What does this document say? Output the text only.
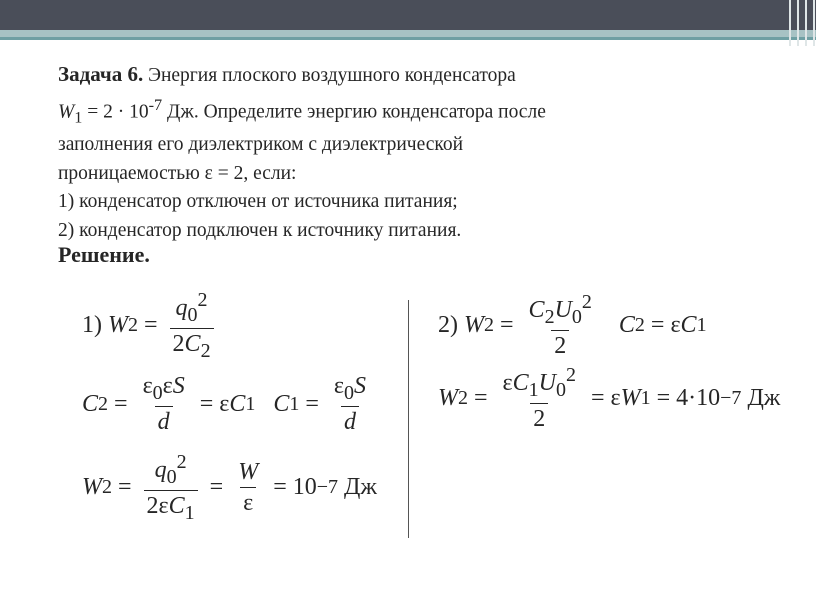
Задача 6. Энергия плоского воздушного конденсатора

$W_1 = 2 \cdot 10^{-7}$ Дж. Определите энергию конденсатора после

заполнения его диэлектриком с диэлектрической

проницаемостью ε = 2, если:

1) конденсатор отключен от источника питания;

2) конденсатор подключен к источнику питания.

Решение.

1)
W $2 = \frac{q_0^2}{2C_2}$
C $2 = \frac{\varepsilon_0\varepsilon S}{d} = \varepsilon$ C 1 C $1 = \frac{\varepsilon_0S}{d}$
W $2 = \frac{q_0^2}{2\varepsilon C_1} = \frac{W}{\varepsilon} = 10 -7$ Дж
2)
W $2 = \frac{C_2U_0^2}{2}$ C 2 = ε C 1
W $2 = \frac{\varepsilon C_1U_0^2}{2} = \varepsilon$ W 1 = 4·10 −7 Дж
